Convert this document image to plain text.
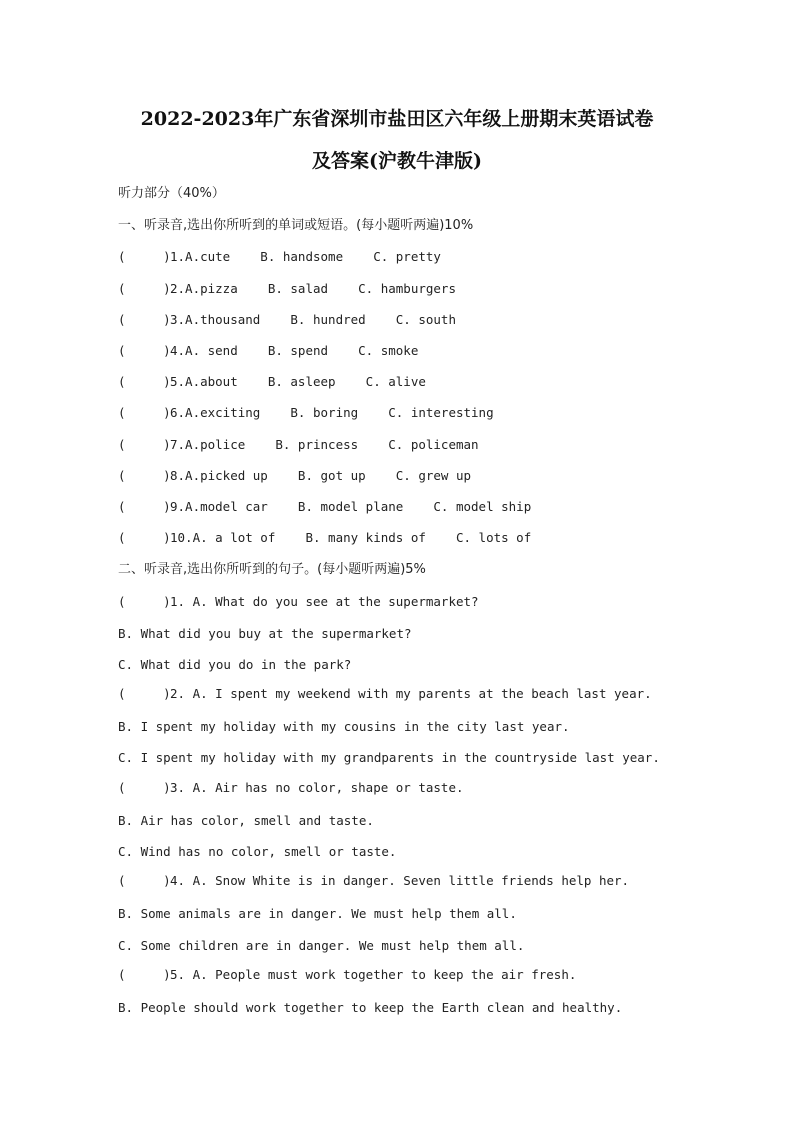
2022-2023年广东省深圳市盐田区六年级上册期末英语试卷
及答案(沪教牛津版)
听力部分（40%）
一、听录音,选出你所听到的单词或短语。(每小题听两遍)10%
(     )1.A.cute    B. handsome    C. pretty
(     )2.A.pizza    B. salad    C. hamburgers
(     )3.A.thousand    B. hundred    C. south
(     )4.A. send    B. spend    C. smoke
(     )5.A.about    B. asleep    C. alive
(     )6.A.exciting    B. boring    C. interesting
(     )7.A.police    B. princess    C. policeman
(     )8.A.picked up    B. got up    C. grew up
(     )9.A.model car    B. model plane    C. model ship
(     )10.A. a lot of    B. many kinds of    C. lots of
二、听录音,选出你所听到的句子。(每小题听两遍)5%
(     )1. A. What do you see at the supermarket?
B. What did you buy at the supermarket?
C. What did you do in the park?
(     )2. A. I spent my weekend with my parents at the beach last year.
B. I spent my holiday with my cousins in the city last year.
C. I spent my holiday with my grandparents in the countryside last year.
(     )3. A. Air has no color, shape or taste.
B. Air has color, smell and taste.
C. Wind has no color, smell or taste.
(     )4. A. Snow White is in danger. Seven little friends help her.
B. Some animals are in danger. We must help them all.
C. Some children are in danger. We must help them all.
(     )5. A. People must work together to keep the air fresh.
B. People should work together to keep the Earth clean and healthy.
